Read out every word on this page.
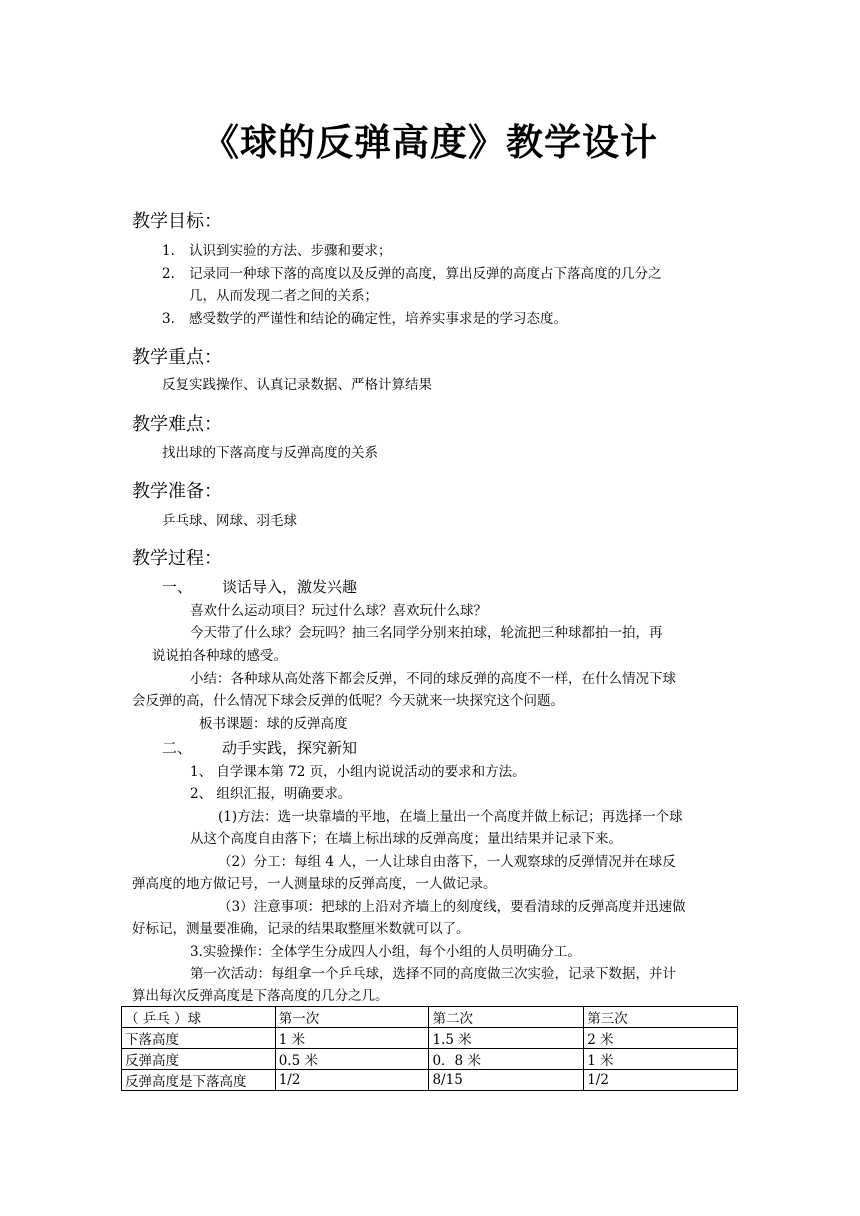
《球的反弹高度》教学设计
教学目标：
1. 认识到实验的方法、步骤和要求；
2. 记录同一种球下落的高度以及反弹的高度，算出反弹的高度占下落高度的几分之
几，从而发现二者之间的关系；
3. 感受数学的严谨性和结论的确定性，培养实事求是的学习态度。
教学重点：
反复实践操作、认真记录数据、严格计算结果
教学难点：
找出球的下落高度与反弹高度的关系
教学准备：
乒乓球、网球、羽毛球
教学过程：
一、 谈话导入，激发兴趣
喜欢什么运动项目？玩过什么球？喜欢玩什么球？
今天带了什么球？会玩吗？抽三名同学分别来拍球，轮流把三种球都拍一拍，再
说说拍各种球的感受。
小结：各种球从高处落下都会反弹，不同的球反弹的高度不一样，在什么情况下球
会反弹的高，什么情况下球会反弹的低呢？今天就来一块探究这个问题。
板书课题：球的反弹高度
二、 动手实践，探究新知
1、 自学课本第 72 页，小组内说说活动的要求和方法。
2、 组织汇报，明确要求。
(1)方法：选一块靠墙的平地，在墙上量出一个高度并做上标记；再选择一个球
从这个高度自由落下；在墙上标出球的反弹高度；量出结果并记录下来。
（2）分工：每组 4 人，一人让球自由落下，一人观察球的反弹情况并在球反
弹高度的地方做记号，一人测量球的反弹高度，一人做记录。
（3）注意事项：把球的上沿对齐墙上的刻度线，要看清球的反弹高度并迅速做
好标记，测量要准确，记录的结果取整厘米数就可以了。
3.实验操作：全体学生分成四人小组，每个小组的人员明确分工。
第一次活动：每组拿一个乒乓球，选择不同的高度做三次实验，记录下数据，并计
算出每次反弹高度是下落高度的几分之几。
（ 乒乓 ）球	第一次	第二次	第三次
下落高度	1 米	1.5 米	2 米
反弹高度	0.5 米	0．8 米	1 米
反弹高度是下落高度	1/2	8/15	1/2
